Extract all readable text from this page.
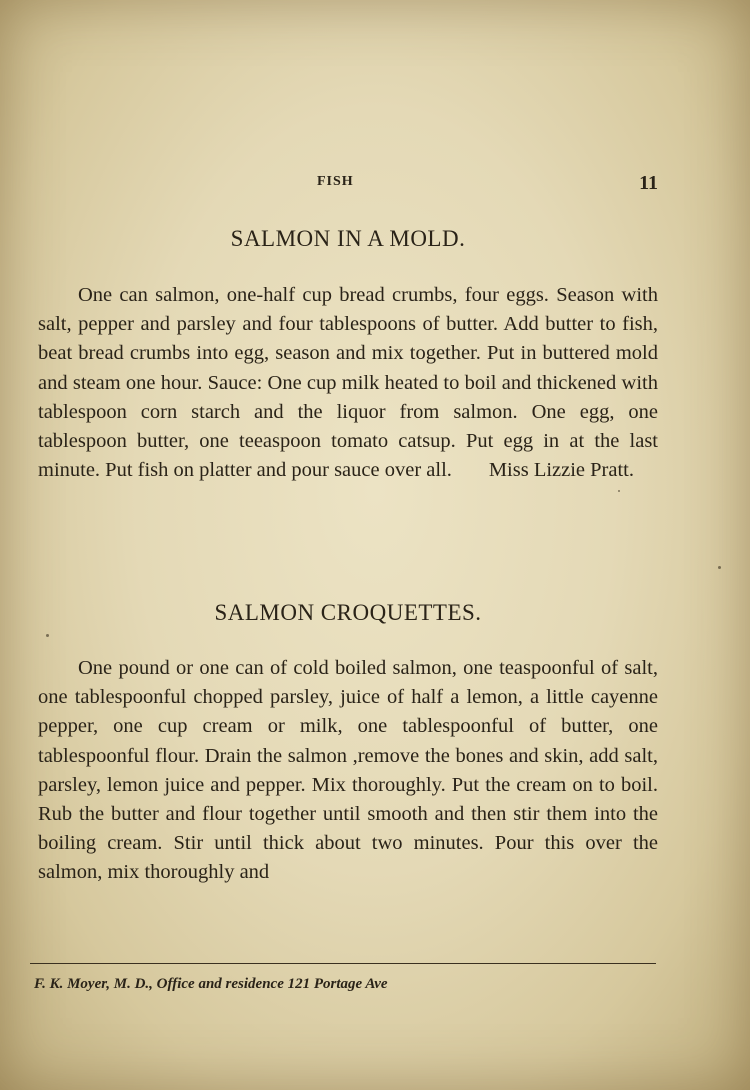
FISH	11
SALMON IN A MOLD.

One can salmon, one-half cup bread crumbs, four eggs. Season with salt, pepper and parsley and four tablespoons of butter. Add butter to fish, beat bread crumbs into egg, season and mix together. Put in buttered mold and steam one hour. Sauce: One cup milk heated to boil and thickened with tablespoon corn starch and the liquor from salmon. One egg, one tablespoon butter, one teeaspoon tomato catsup. Put egg in at the last minute. Put fish on platter and pour sauce over all. Miss Lizzie Pratt.

SALMON CROQUETTES.

One pound or one can of cold boiled salmon, one teaspoonful of salt, one tablespoonful chopped parsley, juice of half a lemon, a little cayenne pepper, one cup cream or milk, one tablespoonful of butter, one tablespoonful flour. Drain the salmon ,remove the bones and skin, add salt, parsley, lemon juice and pepper. Mix thoroughly. Put the cream on to boil. Rub the butter and flour together until smooth and then stir them into the boiling cream. Stir until thick about two minutes. Pour this over the salmon, mix thoroughly and

F. K. Moyer, M. D., Office and residence 121 Portage Ave
